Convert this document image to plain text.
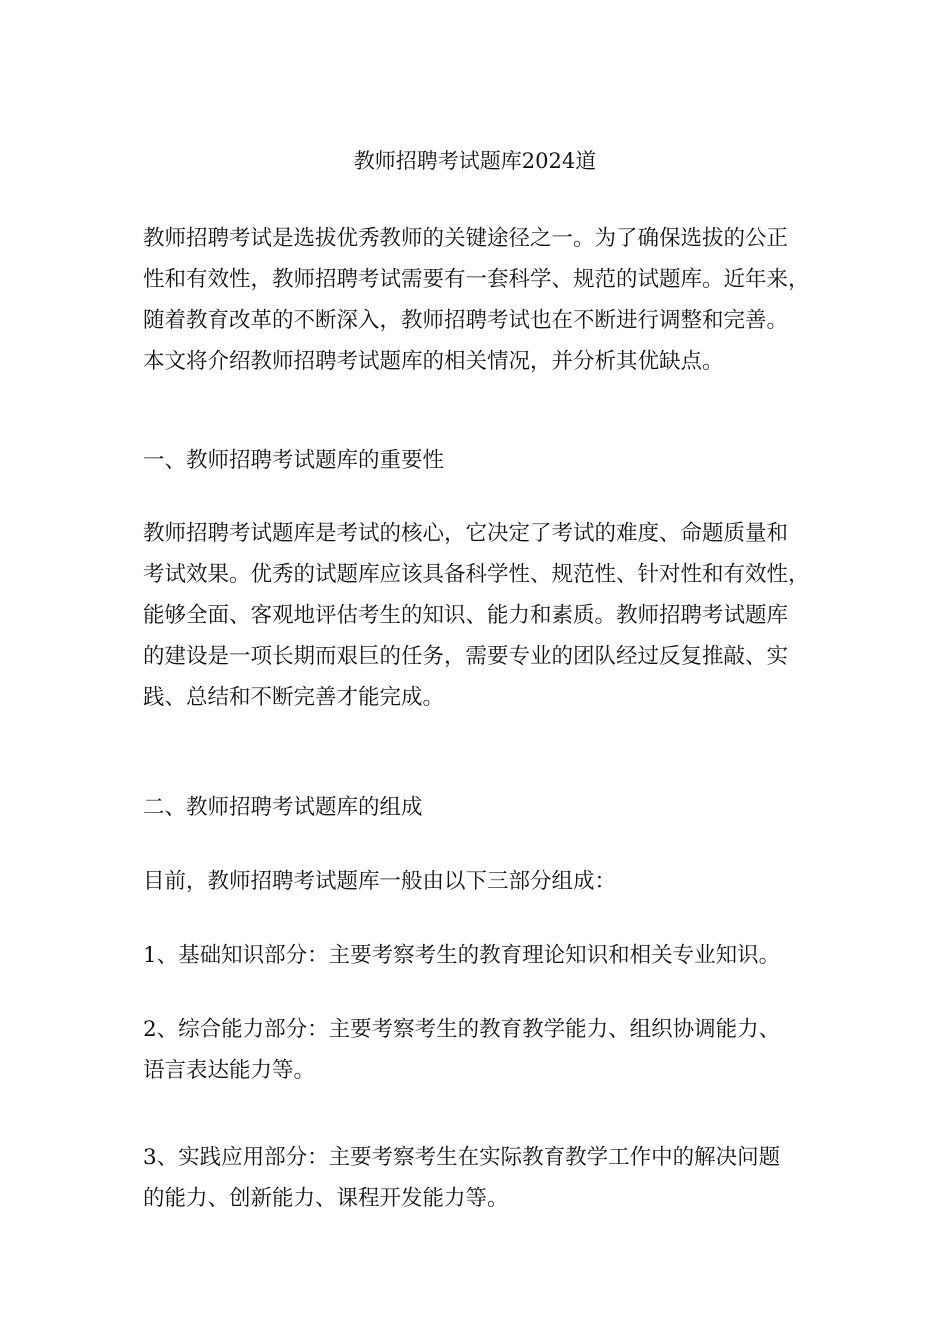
教师招聘考试题库2024道

教师招聘考试是选拔优秀教师的关键途径之一。为了确保选拔的公正
性和有效性，教师招聘考试需要有一套科学、规范的试题库。近年来，
随着教育改革的不断深入，教师招聘考试也在不断进行调整和完善。
本文将介绍教师招聘考试题库的相关情况，并分析其优缺点。

一、教师招聘考试题库的重要性

教师招聘考试题库是考试的核心，它决定了考试的难度、命题质量和
考试效果。优秀的试题库应该具备科学性、规范性、针对性和有效性，
能够全面、客观地评估考生的知识、能力和素质。教师招聘考试题库
的建设是一项长期而艰巨的任务，需要专业的团队经过反复推敲、实
践、总结和不断完善才能完成。

二、教师招聘考试题库的组成

目前，教师招聘考试题库一般由以下三部分组成：

1、基础知识部分：主要考察考生的教育理论知识和相关专业知识。

2、综合能力部分：主要考察考生的教育教学能力、组织协调能力、
语言表达能力等。

3、实践应用部分：主要考察考生在实际教育教学工作中的解决问题
的能力、创新能力、课程开发能力等。
